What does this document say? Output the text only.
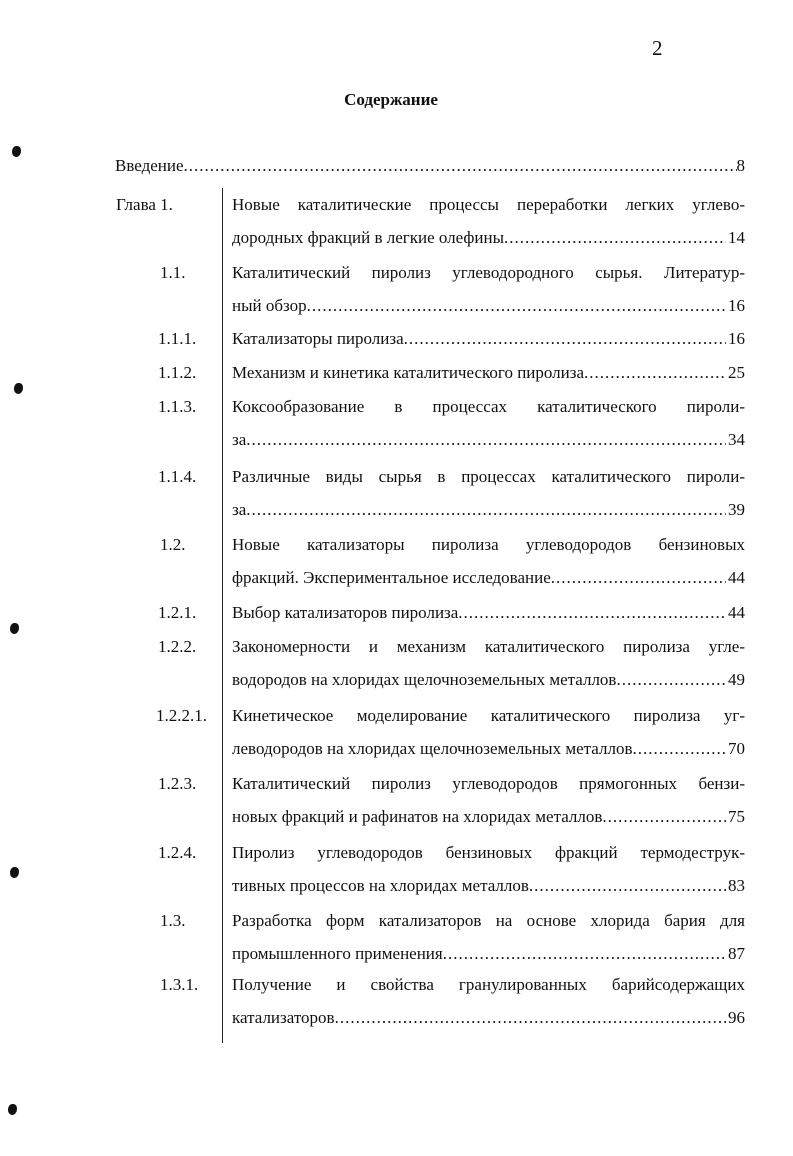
2
Содержание
Введение .....	8
Глава 1.	Новые каталитические процессы переработки легких углево-
дородных фракций в легкие олефины .....	14
1.1.	Каталитический пиролиз углеводородного сырья. Литератур-
ный обзор .....	16
1.1.1. Катализаторы пиролиза .....	16
1.1.2. Механизм и кинетика каталитического пиролиза .....	25
1.1.3. Коксообразование в процессах каталитического пироли-
за .....	34
1.1.4. Различные виды сырья в процессах каталитического пироли-
за .....	39
1.2.	Новые катализаторы пиролиза углеводородов бензиновых
фракций. Экспериментальное исследование .....	44
1.2.1. Выбор катализаторов пиролиза .....	44
1.2.2. Закономерности и механизм каталитического пиролиза угле-
водородов на хлоридах щелочноземельных металлов .....	49
1.2.2.1. Кинетическое моделирование каталитического пиролиза уг-
леводородов на хлоридах щелочноземельных металлов .....	70
1.2.3. Каталитический пиролиз углеводородов прямогонных бензи-
новых фракций и рафинатов на хлоридах металлов .....	75
1.2.4. Пиролиз углеводородов бензиновых фракций термодеструк-
тивных процессов на хлоридах металлов .....	83
1.3.	Разработка форм катализаторов на основе хлорида бария для
промышленного применения .....	87
1.3.1. Получение и свойства гранулированных барийсодержащих
катализаторов .....	96
